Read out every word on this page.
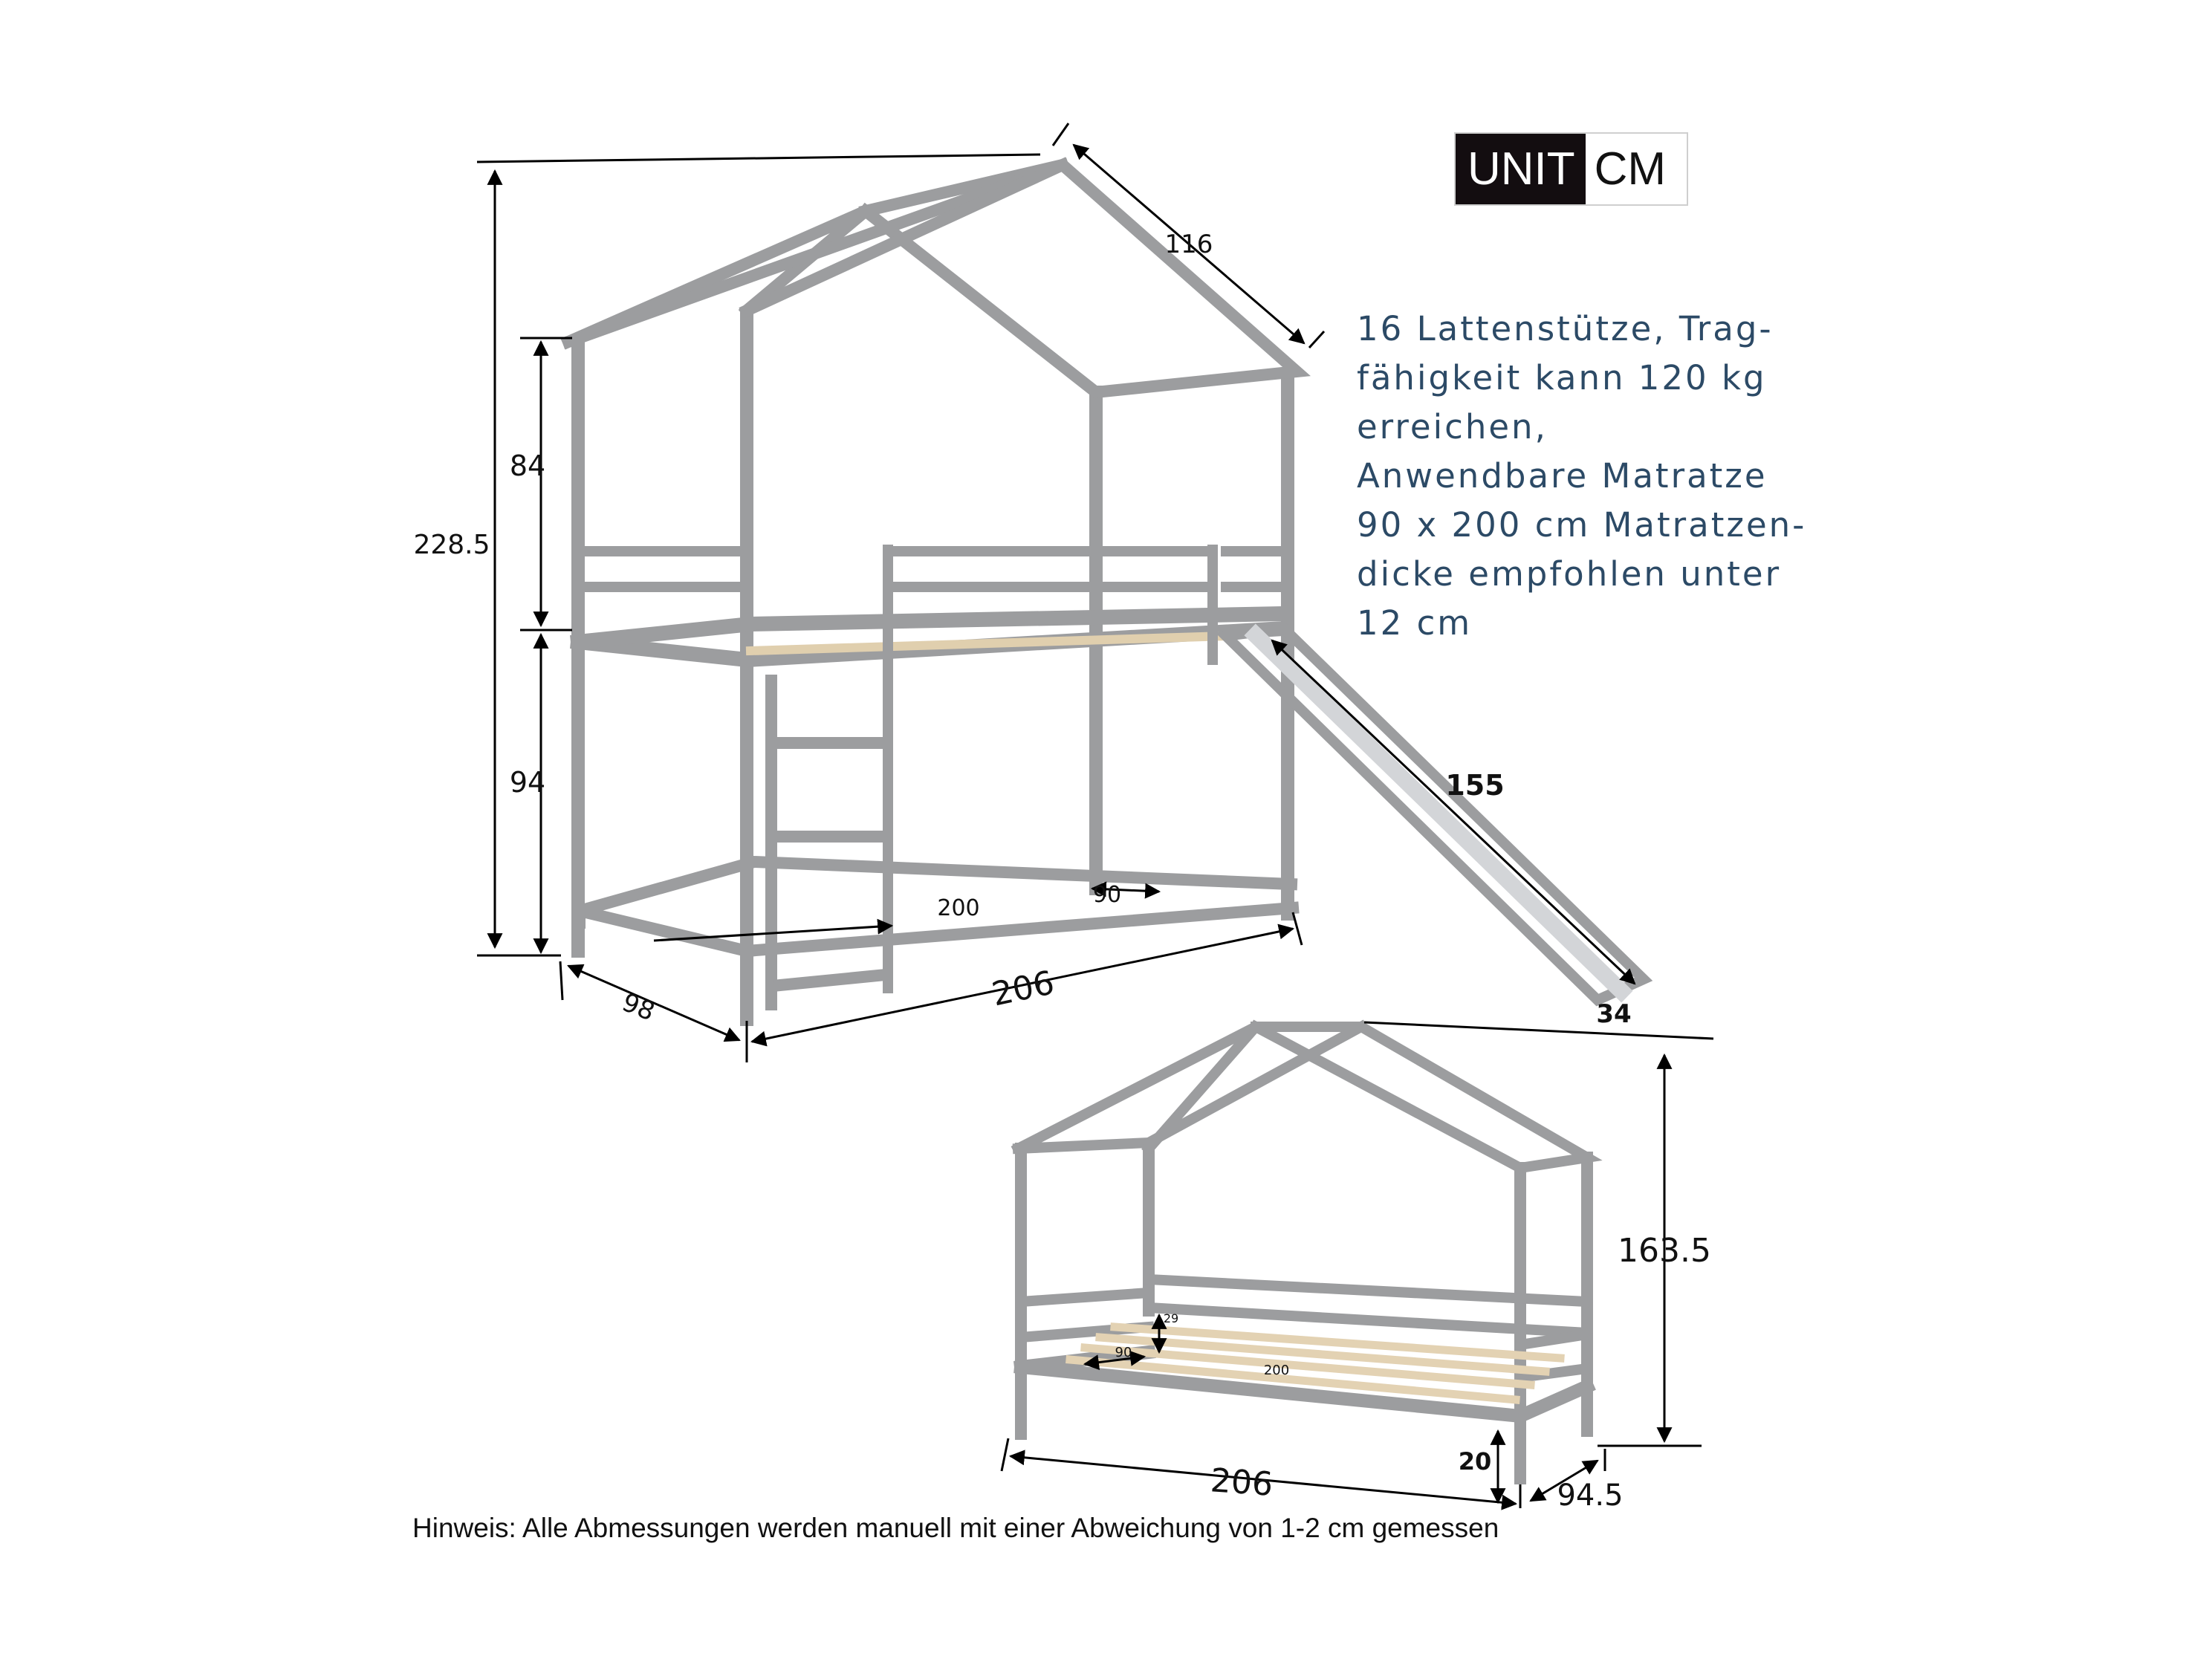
116
228.5
84
94
98	206
200
90
155
34
163.5
206	94.5
20
29
90
200
UNIT CM
16 Lattenstütze, Trag-
fähigkeit kann 120 kg
erreichen,
Anwendbare Matratze
90 x 200 cm Matratzen-
dicke empfohlen unter
12 cm
Hinweis: Alle Abmessungen werden manuell mit einer Abweichung von 1-2 cm gemessen
